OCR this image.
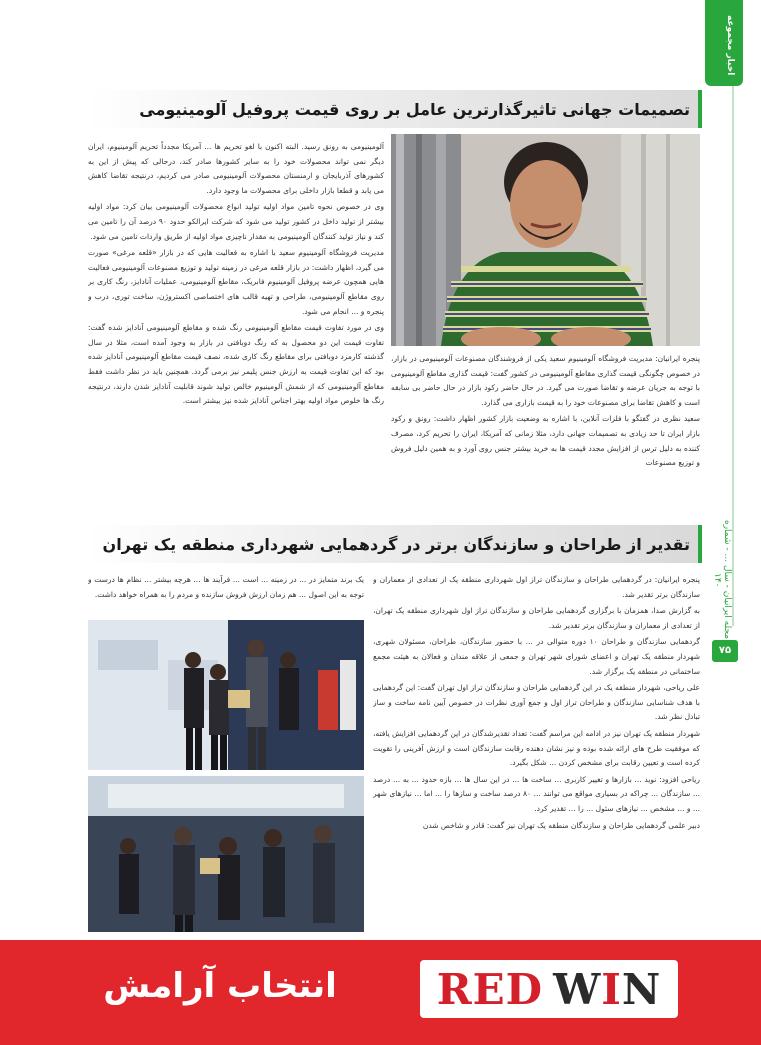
اخبار مجموعه
مجله ایرانیان - سال ... - شماره ۱۴۰
۷۵
تصمیمات جهانی تاثیرگذارترین عامل بر روی قیمت پروفیل آلومینیومی

آلومینیومی به رونق رسید. البته اکنون با لغو تحریم ها ... آمریکا مجدداً تحریم آلومینیوم، ایران دیگر نمی تواند محصولات خود را به سایر کشورها صادر کند، درحالی که پیش از این به کشورهای آذربایجان و ارمنستان محصولات آلومینیومی صادر می کردیم، درنتیجه تقاضا کاهش می یابد و قطعا بازار داخلی برای محصولات ما وجود دارد.

وی در خصوص نحوه تامین مواد اولیه تولید انواع محصولات آلومینیومی بیان کرد: مواد اولیه بیشتر از تولید داخل در کشور تولید می شود که شرکت ایرالکو حدود ۹۰ درصد آن را تامین می کند و نیاز تولید کنندگان آلومینیومی به مقدار ناچیزی مواد اولیه از طریق واردات تامین می شود.

مدیریت فروشگاه آلومینیوم سعید با اشاره به فعالیت هایی که در بازار «قلعه مرغی» صورت می گیرد، اظهار داشت: در بازار قلعه مرغی در زمینه تولید و توزیع مصنوعات آلومینیومی فعالیت هایی همچون عرضه پروفیل آلومینیوم فابریک، مقاطع آلومینیومی، عملیات آنادایز، رنگ کاری بر روی مقاطع آلومینیومی، طراحی و تهیه قالب های اختصاصی اکستروژن، ساخت توری، درب و پنجره و ... انجام می شود.

وی در مورد تفاوت قیمت مقاطع آلومینیومی رنگ شده و مقاطع آلومینیومی آنادایز شده گفت: تفاوت قیمت این دو محصول به که رنگ دوبافتی در بازار به وجود آمده است، مثلا در سال گذشته کارمزد دوبافتی برای مقاطع رنگ کاری شده، نصف قیمت مقاطع آلومینیومی آنادایز شده بود که این تفاوت قیمت به ارزش جنس پلیمر نیز برمی گردد. همچنین باید در نظر داشت فقط مقاطع آلومینیومی که از شمش آلومینیوم خالص تولید شوند قابلیت آنادایز شدن دارند، درنتیجه رنگ ها خلوص مواد اولیه بهتر اجناس آنادایز شده نیز بیشتر است.

پنجره ایرانیان: مدیریت فروشگاه آلومینیوم سعید یکی از فروشندگان مصنوعات آلومینیومی در بازار، در خصوص چگونگی قیمت گذاری مقاطع آلومینیومی در کشور گفت: قیمت گذاری مقاطع آلومینیومی با توجه به جریان عرضه و تقاضا صورت می گیرد. در حال حاضر رکود بازار در حال حاضر بی سابقه است و کاهش تقاضا برای مصنوعات خود را به قیمت بازاری می گذارد.

سعید نظری در گفتگو با فلزات آنلاین، با اشاره به وضعیت بازار کشور اظهار داشت: رونق و رکود بازار ایران تا حد زیادی به تصمیمات جهانی دارد، مثلا زمانی که آمریکا، ایران را تحریم کرد، مصرف کننده به دلیل ترس از افزایش مجدد قیمت ها به خرید بیشتر جنس روی آورد و به همین دلیل فروش و توزیع مصنوعات

تقدیر از طراحان و سازندگان برتر در گردهمایی شهرداری منطقه یک تهران

پنجره ایرانیان: در گردهمایی طراحان و سازندگان تراز اول شهرداری منطقه یک از تعدادی از معماران و سازندگان برتر تقدیر شد.

به گزارش صدا، همزمان با برگزاری گردهمایی طراحان و سازندگان تراز اول شهرداری منطقه یک تهران، از تعدادی از معماران و سازندگان برتر تقدیر شد.

گردهمایی سازندگان و طراحان ۱۰ دوره متوالی در ... با حضور سازندگان، طراحان، مسئولان شهری، شهردار منطقه یک تهران و اعضای شورای شهر تهران و جمعی از علاقه مندان و فعالان به هیئت مجمع ساختمانی در منطقه یک برگزار شد.

علی ریاحی، شهردار منطقه یک در این گردهمایی طراحان و سازندگان تراز اول تهران گفت: این گردهمایی با هدف شناسایی سازندگان و طراحان تراز اول و جمع آوری نظرات در خصوص آیین نامه ساخت و ساز تبادل نظر شد.

شهردار منطقه یک تهران نیز در ادامه این مراسم گفت: تعداد تقدیرشدگان در این گردهمایی افزایش یافته، که موفقیت طرح های ارائه شده بوده و نیز نشان دهنده رقابت سازندگان است و ارزش آفرینی را تقویت کرده است و تعیین رقابت برای مشخص کردن ... شکل بگیرد.

ریاحی افزود: نوید ... بازارها و تغییر کاربری ... ساخت ها ... در این سال ها ... بازه حدود ... به ... درصد ... سازندگان ... چراکه در بسیاری مواقع می توانند ... ۸۰ درصد ساخت و سازها را ... اما ... نیازهای شهر ... و ... مشخص ... نیازهای سئول ... را ... تقدیر کرد.

دبیر علمی گردهمایی طراحان و سازندگان منطقه یک تهران نیز گفت: قادر و شاخص شدن

یک برند متمایز در ... در زمینه ... است ... فرآیند ها ... هرچه بیشتر ... نظام ها درست و توجه به این اصول ... هم زمان ارزش فروش سازنده و مردم را به همراه خواهد داشت.

انتخاب آرامش	RED W I N
